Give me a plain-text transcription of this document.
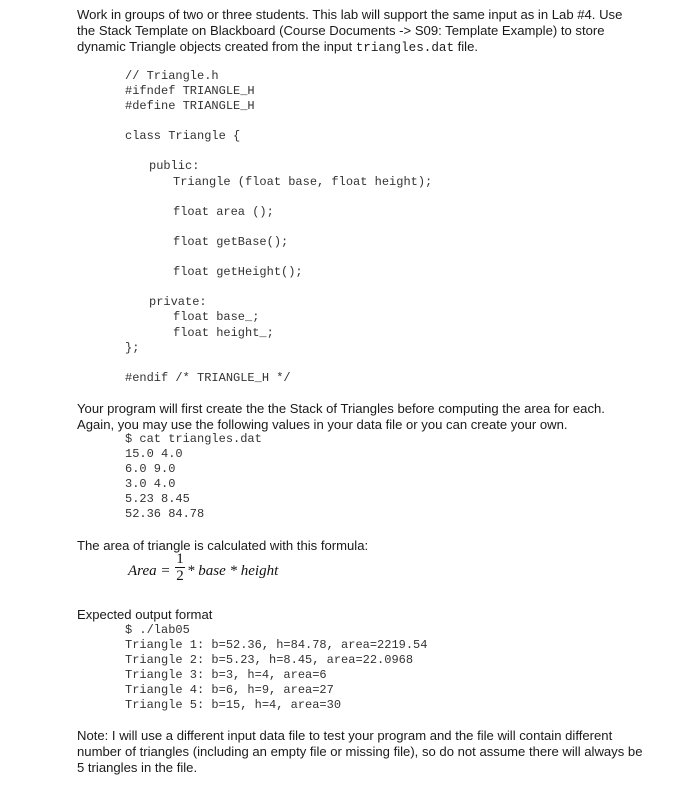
Work in groups of two or three students. This lab will support the same input as in Lab #4. Use
the Stack Template on Blackboard (Course Documents -> S09: Template Example) to store
dynamic Triangle objects created from the input triangles.dat file.
// Triangle.h
#ifndef TRIANGLE_H
#define TRIANGLE_H
class Triangle {
public:
Triangle (float base, float height);
float area ();
float getBase();
float getHeight();
private:
float base_;
float height_;
};
#endif /* TRIANGLE_H */
Your program will first create the the Stack of Triangles before computing the area for each.
Again, you may use the following values in your data file or you can create your own.
$ cat triangles.dat
15.0 4.0
6.0 9.0
3.0 4.0
5.23 8.45
52.36 84.78
The area of triangle is calculated with this formula:
Area =
1
2 * base * height
Expected output format
$ ./lab05
Triangle 1: b=52.36, h=84.78, area=2219.54
Triangle 2: b=5.23, h=8.45, area=22.0968
Triangle 3: b=3, h=4, area=6
Triangle 4: b=6, h=9, area=27
Triangle 5: b=15, h=4, area=30
Note: I will use a different input data file to test your program and the file will contain different
number of triangles (including an empty file or missing file), so do not assume there will always be
5 triangles in the file.
